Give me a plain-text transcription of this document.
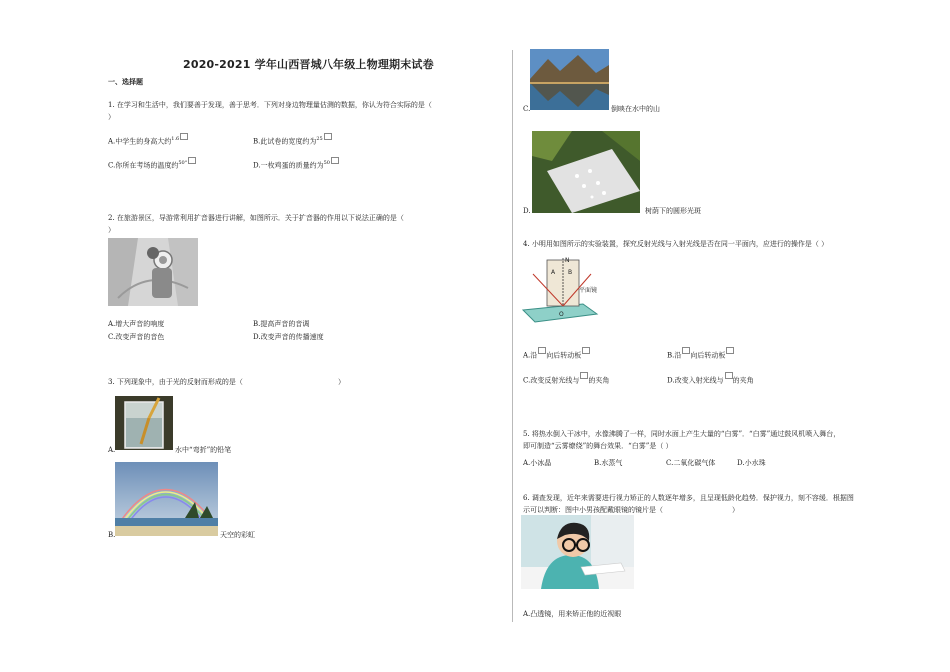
2020-2021 学年山西晋城八年级上物理期末试卷
一、选择题
1. 在学习和生活中，我们要善于发现，善于思考．下列对身边物理量估测的数据，你认为符合实际的是（
）
A.中学生的身高大约$^{1.6}$	B.此试卷的宽度约为$^{25}$
C.你所在考场的温度约$^{50^\circ}$	D.一枚鸡蛋的质量约为$^{50}$
2. 在旅游景区，导游常利用扩音器进行讲解，如图所示．关于扩音器的作用以下说法正确的是（
）
A.增大声音的响度	B.提高声音的音调
C.改变声音的音色	D.改变声音的传播速度
3. 下列现象中，由于光的反射而形成的是（	）
A.	水中“弯折”的铅笔
B.	天空的彩虹
C.	倒映在水中的山
D.	树荫下的圆形光斑
4. 小明用如图所示的实验装置，探究反射光线与入射光线是否在同一平面内，应进行的操作是（ ）
N
A B
O
平面镜
A.沿 向后转动板	B.沿 向后转动板
C.改变反射光线与 的夹角	D.改变入射光线与 的夹角
5. 将热水倒入干冰中，水像沸腾了一样，同时水面上产生大量的“白雾”．“白雾”通过鼓风机喷入舞台，
即可制造“云雾缭绕”的舞台效果．“白雾”是（ ）
A.小冰晶	B.水蒸气	C.二氧化碳气体	D.小水珠
6. 调查发现，近年来需要进行视力矫正的人数逐年增多，且呈现低龄化趋势．保护视力，刻不容缓．根据图
示可以判断：图中小男孩配戴眼镜的镜片是（	）
A.凸透镜，用来矫正他的近视眼
